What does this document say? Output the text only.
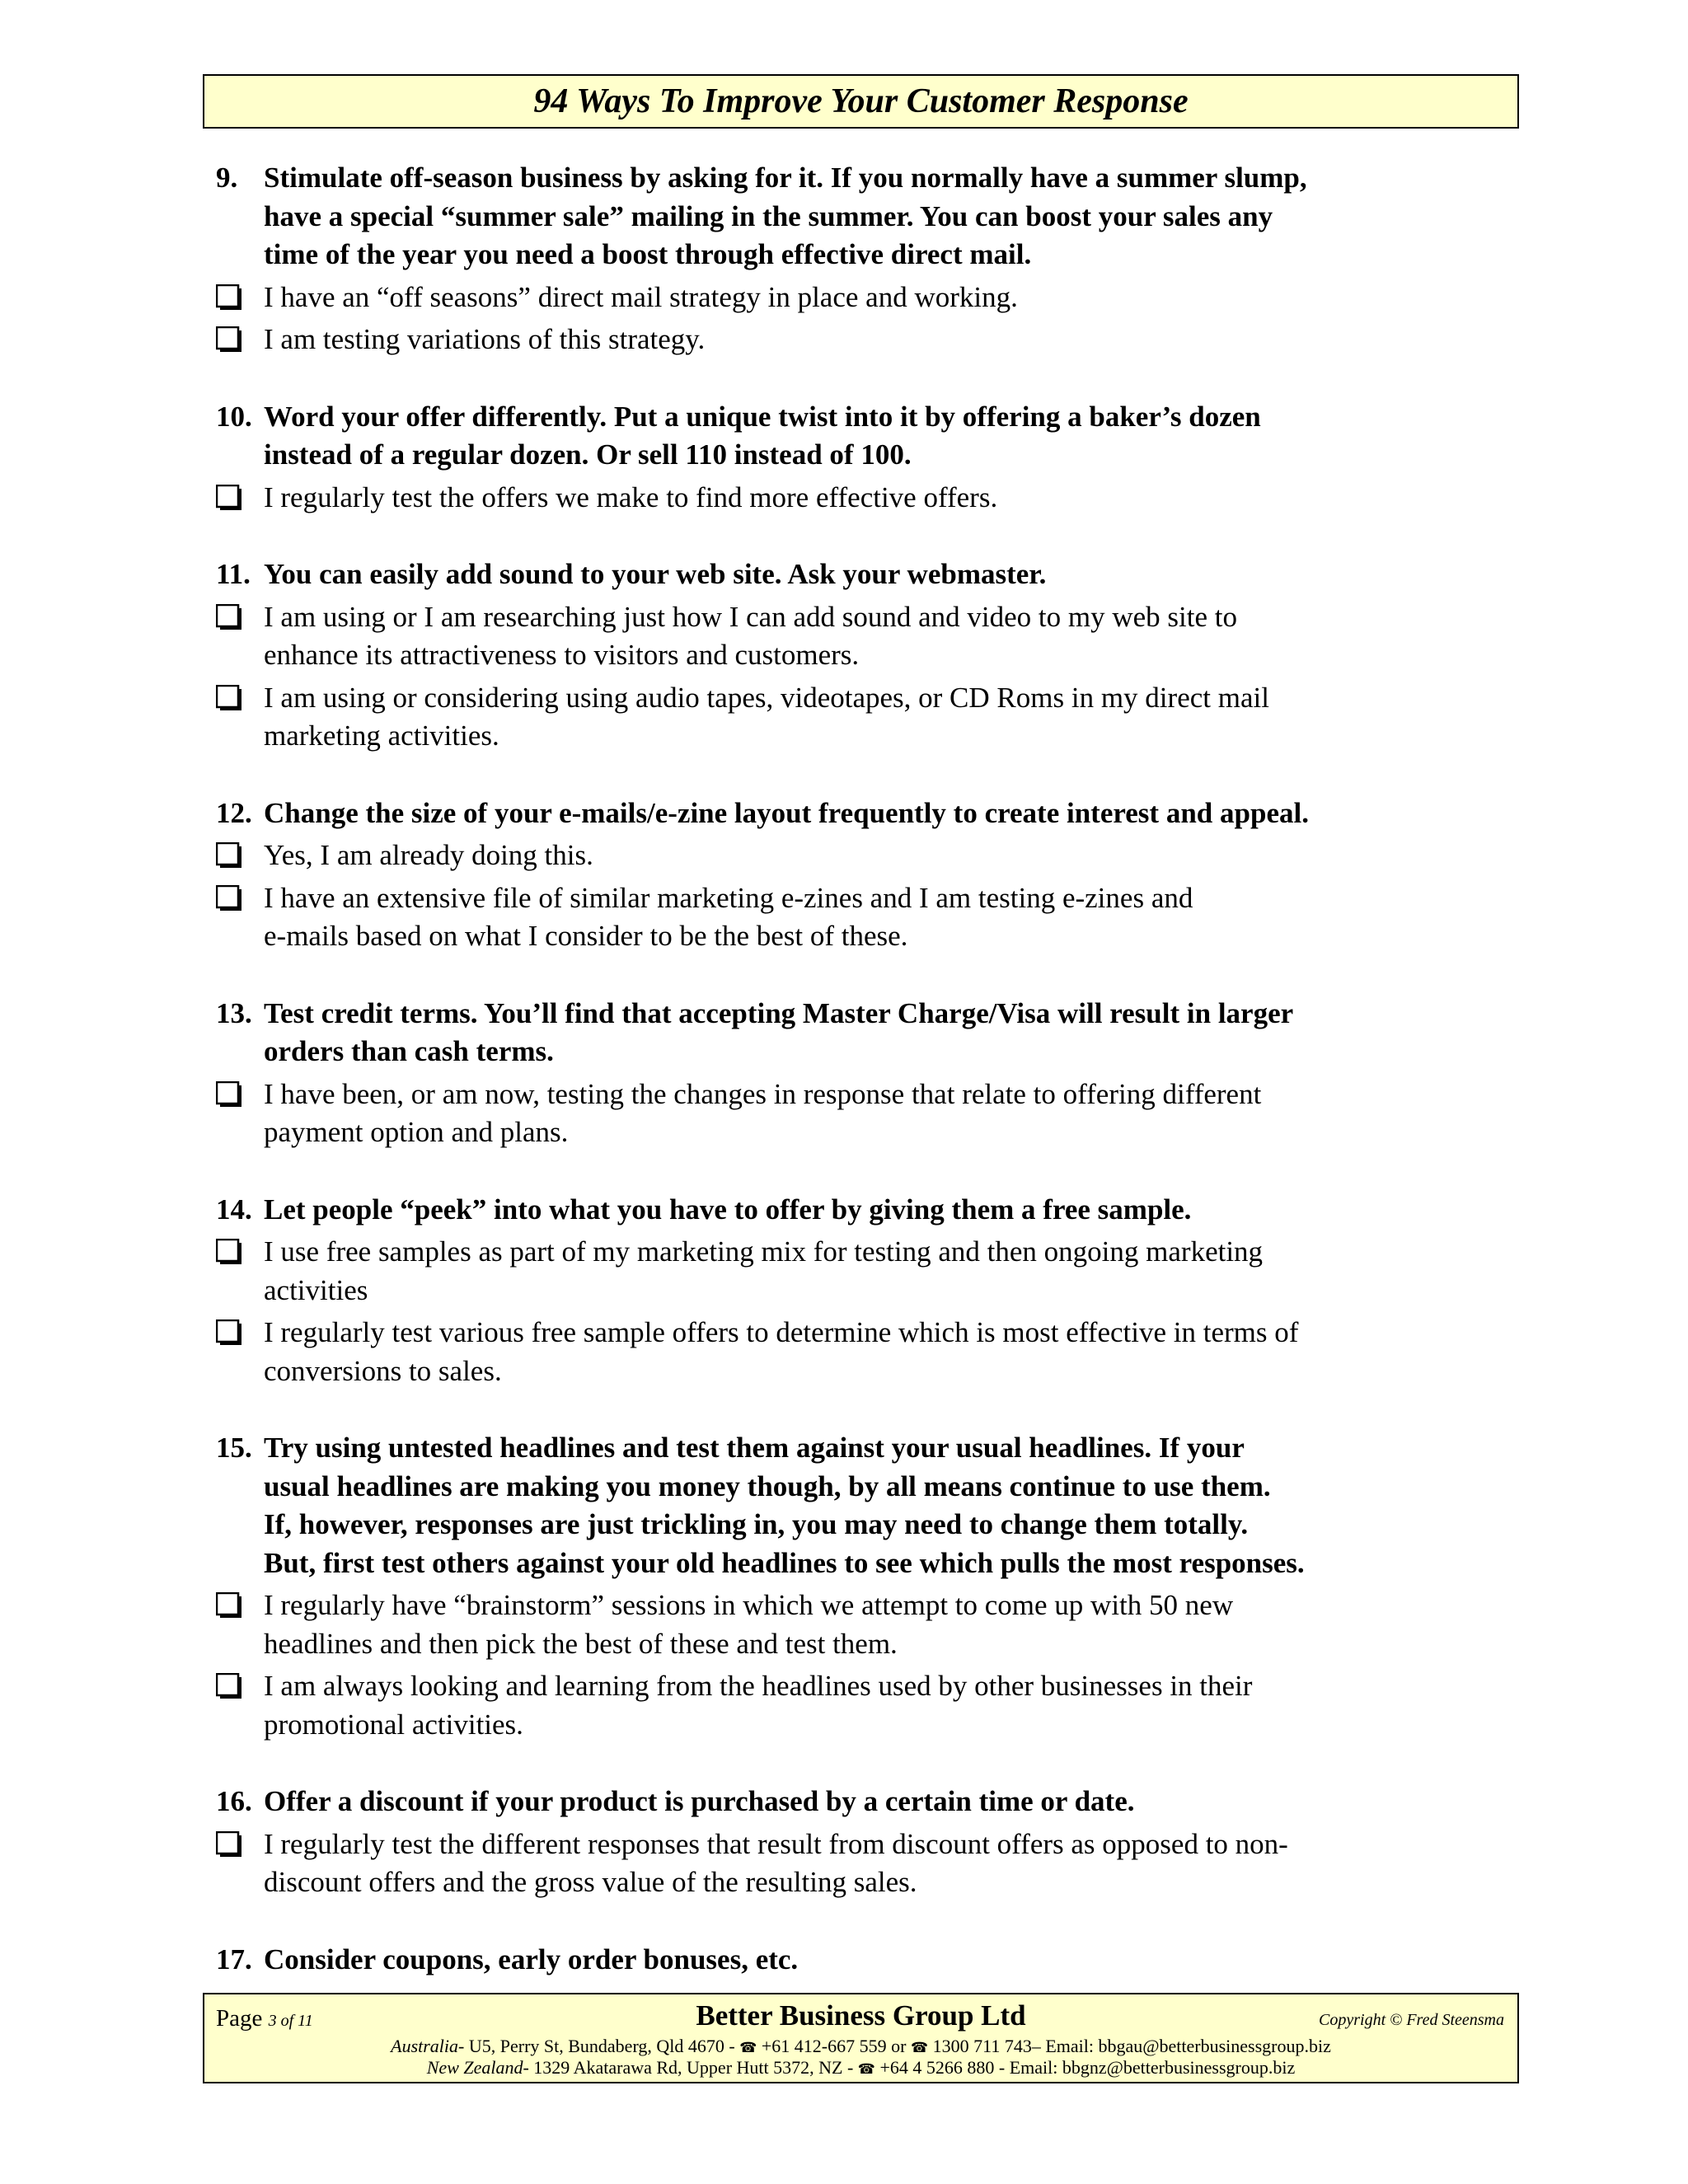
94 Ways To Improve Your Customer Response
9. Stimulate off-season business by asking for it. If you normally have a summer slump,
have a special “summer sale” mailing in the summer. You can boost your sales any
time of the year you need a boost through effective direct mail.
I have an “off seasons” direct mail strategy in place and working.
I am testing variations of this strategy.
10. Word your offer differently. Put a unique twist into it by offering a baker’s dozen
instead of a regular dozen. Or sell 110 instead of 100.
I regularly test the offers we make to find more effective offers.
11. You can easily add sound to your web site. Ask your webmaster.
I am using or I am researching just how I can add sound and video to my web site to
enhance its attractiveness to visitors and customers.
I am using or considering using audio tapes, videotapes, or CD Roms in my direct mail
marketing activities.
12. Change the size of your e-mails/e-zine layout frequently to create interest and appeal.
Yes, I am already doing this.
I have an extensive file of similar marketing e-zines and I am testing e-zines and
e-mails based on what I consider to be the best of these.
13. Test credit terms. You’ll find that accepting Master Charge/Visa will result in larger
orders than cash terms.
I have been, or am now, testing the changes in response that relate to offering different
payment option and plans.
14. Let people “peek” into what you have to offer by giving them a free sample.
I use free samples as part of my marketing mix for testing and then ongoing marketing
activities
I regularly test various free sample offers to determine which is most effective in terms of
conversions to sales.
15. Try using untested headlines and test them against your usual headlines. If your
usual headlines are making you money though, by all means continue to use them.
If, however, responses are just trickling in, you may need to change them totally.
But, first test others against your old headlines to see which pulls the most responses.
I regularly have “brainstorm” sessions in which we attempt to come up with 50 new
headlines and then pick the best of these and test them.
I am always looking and learning from the headlines used by other businesses in their
promotional activities.
16. Offer a discount if your product is purchased by a certain time or date.
I regularly test the different responses that result from discount offers as opposed to non-
discount offers and the gross value of the resulting sales.
17. Consider coupons, early order bonuses, etc.
Page 3 of 11	Better Business Group Ltd	Copyright © Fred Steensma
Australia- U5, Perry St, Bundaberg, Qld 4670 - ☎ +61 412-667 559 or ☎ 1300 711 743– Email: bbgau@betterbusinessgroup.biz
New Zealand- 1329 Akatarawa Rd, Upper Hutt 5372, NZ - ☎ +64 4 5266 880 - Email: bbgnz@betterbusinessgroup.biz
